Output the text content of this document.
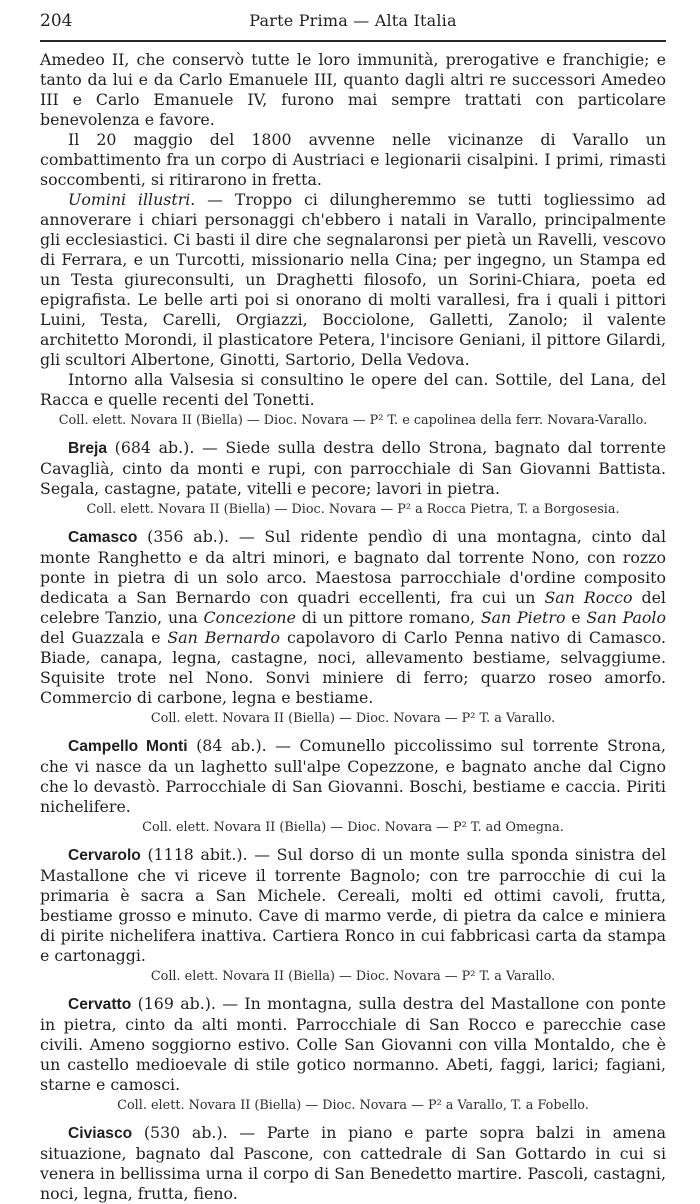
204	Parte Prima — Alta Italia

Amedeo II, che conservò tutte le loro immunità, prerogative e franchigie; e tanto da lui e da Carlo Emanuele III, quanto dagli altri re successori Amedeo III e Carlo Emanuele IV, furono mai sempre trattati con particolare benevolenza e favore.

Il 20 maggio del 1800 avvenne nelle vicinanze di Varallo un combattimento fra un corpo di Austriaci e legionarii cisalpini. I primi, rimasti soccombenti, si ritirarono in fretta.

Uomini illustri. — Troppo ci dilungheremmo se tutti togliessimo ad annoverare i chiari personaggi ch'ebbero i natali in Varallo, principalmente gli ecclesiastici. Ci basti il dire che segnalaronsi per pietà un Ravelli, vescovo di Ferrara, e un Turcotti, missionario nella Cina; per ingegno, un Stampa ed un Testa giureconsulti, un Draghetti filosofo, un Sorini-Chiara, poeta ed epigrafista. Le belle arti poi si onorano di molti varallesi, fra i quali i pittori Luini, Testa, Carelli, Orgiazzi, Bocciolone, Galletti, Zanolo; il valente architetto Morondi, il plasticatore Petera, l'incisore Geniani, il pittore Gilardi, gli scultori Albertone, Ginotti, Sartorio, Della Vedova.

Intorno alla Valsesia si consultino le opere del can. Sottile, del Lana, del Racca e quelle recenti del Tonetti.

Coll. elett. Novara II (Biella) — Dioc. Novara — P² T. e capolinea della ferr. Novara-Varallo.

Breja (684 ab.). — Siede sulla destra dello Strona, bagnato dal torrente Cavaglià, cinto da monti e rupi, con parrocchiale di San Giovanni Battista. Segala, castagne, patate, vitelli e pecore; lavori in pietra.

Coll. elett. Novara II (Biella) — Dioc. Novara — P² a Rocca Pietra, T. a Borgosesia.

Camasco (356 ab.). — Sul ridente pendìo di una montagna, cinto dal monte Ranghetto e da altri minori, e bagnato dal torrente Nono, con rozzo ponte in pietra di un solo arco. Maestosa parrocchiale d'ordine composito dedicata a San Bernardo con quadri eccellenti, fra cui un San Rocco del celebre Tanzio, una Concezione di un pittore romano, San Pietro e San Paolo del Guazzala e San Bernardo capolavoro di Carlo Penna nativo di Camasco. Biade, canapa, legna, castagne, noci, allevamento bestiame, selvaggiume. Squisite trote nel Nono. Sonvi miniere di ferro; quarzo roseo amorfo. Commercio di carbone, legna e bestiame.

Coll. elett. Novara II (Biella) — Dioc. Novara — P² T. a Varallo.

Campello Monti (84 ab.). — Comunello piccolissimo sul torrente Strona, che vi nasce da un laghetto sull'alpe Copezzone, e bagnato anche dal Cigno che lo devastò. Parrocchiale di San Giovanni. Boschi, bestiame e caccia. Piriti nichelifere.

Coll. elett. Novara II (Biella) — Dioc. Novara — P² T. ad Omegna.

Cervarolo (1118 abit.). — Sul dorso di un monte sulla sponda sinistra del Mastallone che vi riceve il torrente Bagnolo; con tre parrocchie di cui la primaria è sacra a San Michele. Cereali, molti ed ottimi cavoli, frutta, bestiame grosso e minuto. Cave di marmo verde, di pietra da calce e miniera di pirite nichelifera inattiva. Cartiera Ronco in cui fabbricasi carta da stampa e cartonaggi.

Coll. elett. Novara II (Biella) — Dioc. Novara — P² T. a Varallo.

Cervatto (169 ab.). — In montagna, sulla destra del Mastallone con ponte in pietra, cinto da alti monti. Parrocchiale di San Rocco e parecchie case civili. Ameno soggiorno estivo. Colle San Giovanni con villa Montaldo, che è un castello medioevale di stile gotico normanno. Abeti, faggi, larici; fagiani, starne e camosci.

Coll. elett. Novara II (Biella) — Dioc. Novara — P² a Varallo, T. a Fobello.

Civiasco (530 ab.). — Parte in piano e parte sopra balzi in amena situazione, bagnato dal Pascone, con cattedrale di San Gottardo in cui si venera in bellissima urna il corpo di San Benedetto martire. Pascoli, castagni, noci, legna, frutta, fieno.
